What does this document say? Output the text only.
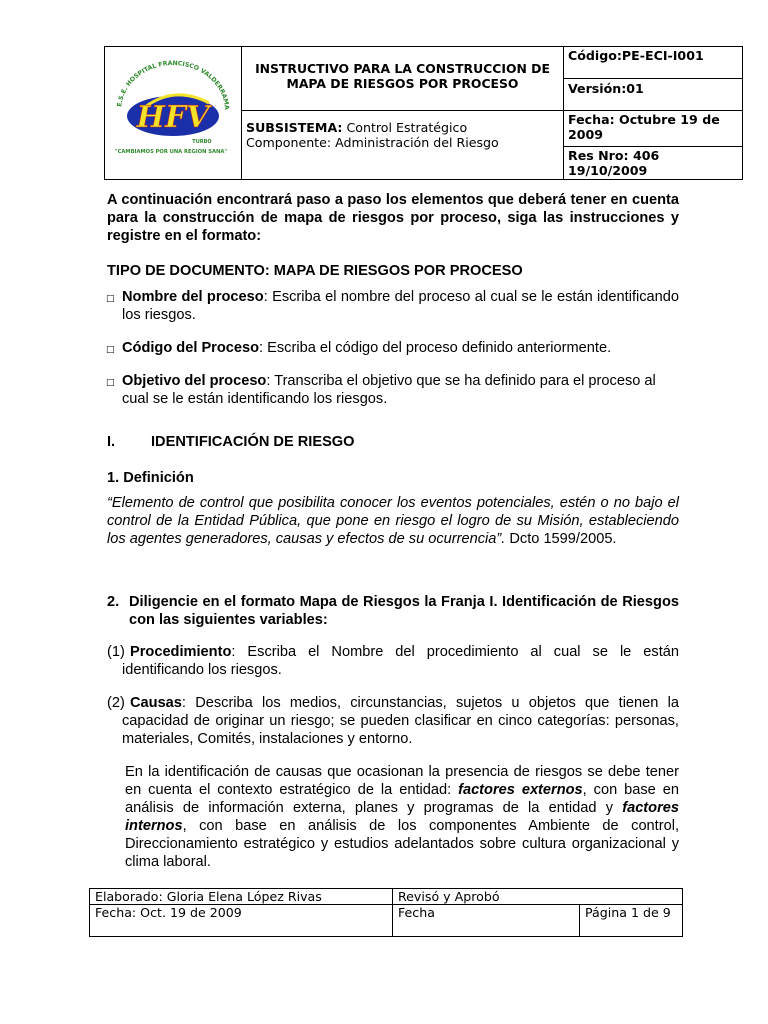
E.S.E. HOSPITAL FRANCISCO VALDERRAMA
HFV
TURBO
"CAMBIAMOS POR UNA REGION SANA"	INSTRUCTIVO PARA LA CONSTRUCCION DE MAPA DE RIESGOS POR PROCESO	Código:PE-ECI-I001
		Versión:01

	SUBSISTEMA: Control Estratégico
Componente: Administración del Riesgo	Fecha: Octubre 19 de 2009
		Res Nro: 406 19/10/2009
A continuación encontrará paso a paso los elementos que deberá tener en cuenta para la construcción de mapa de riesgos por proceso, siga las instrucciones y registre en el formato:
TIPO DE DOCUMENTO: MAPA DE RIESGOS POR PROCESO
□ Nombre del proceso: Escriba el nombre del proceso al cual se le están identificando los riesgos.
□ Código del Proceso: Escriba el código del proceso definido anteriormente.
□ Objetivo del proceso: Transcriba el objetivo que se ha definido para el proceso al cual se le están identificando los riesgos.
I. IDENTIFICACIÓN DE RIESGO
1. Definición
“Elemento de control que posibilita conocer los eventos potenciales, estén o no bajo el control de la Entidad Pública, que pone en riesgo el logro de su Misión, estableciendo los agentes generadores, causas y efectos de su ocurrencia”. Dcto 1599/2005.
2. Diligencie en el formato Mapa de Riesgos la Franja I. Identificación de Riesgos con las siguientes variables:
(1) Procedimiento: Escriba el Nombre del procedimiento al cual se le están identificando los riesgos.
(2) Causas: Describa los medios, circunstancias, sujetos u objetos que tienen la capacidad de originar un riesgo; se pueden clasificar en cinco categorías: personas, materiales, Comités, instalaciones y entorno.
En la identificación de causas que ocasionan la presencia de riesgos se debe tener en cuenta el contexto estratégico de la entidad: factores externos, con base en análisis de información externa, planes y programas de la entidad y factores internos, con base en análisis de los componentes Ambiente de control, Direccionamiento estratégico y estudios adelantados sobre cultura organizacional y clima laboral.
Elaborado: Gloria Elena López Rivas	Revisó y Aprobó	
Fecha: Oct. 19 de 2009	Fecha	Página 1 de 9
